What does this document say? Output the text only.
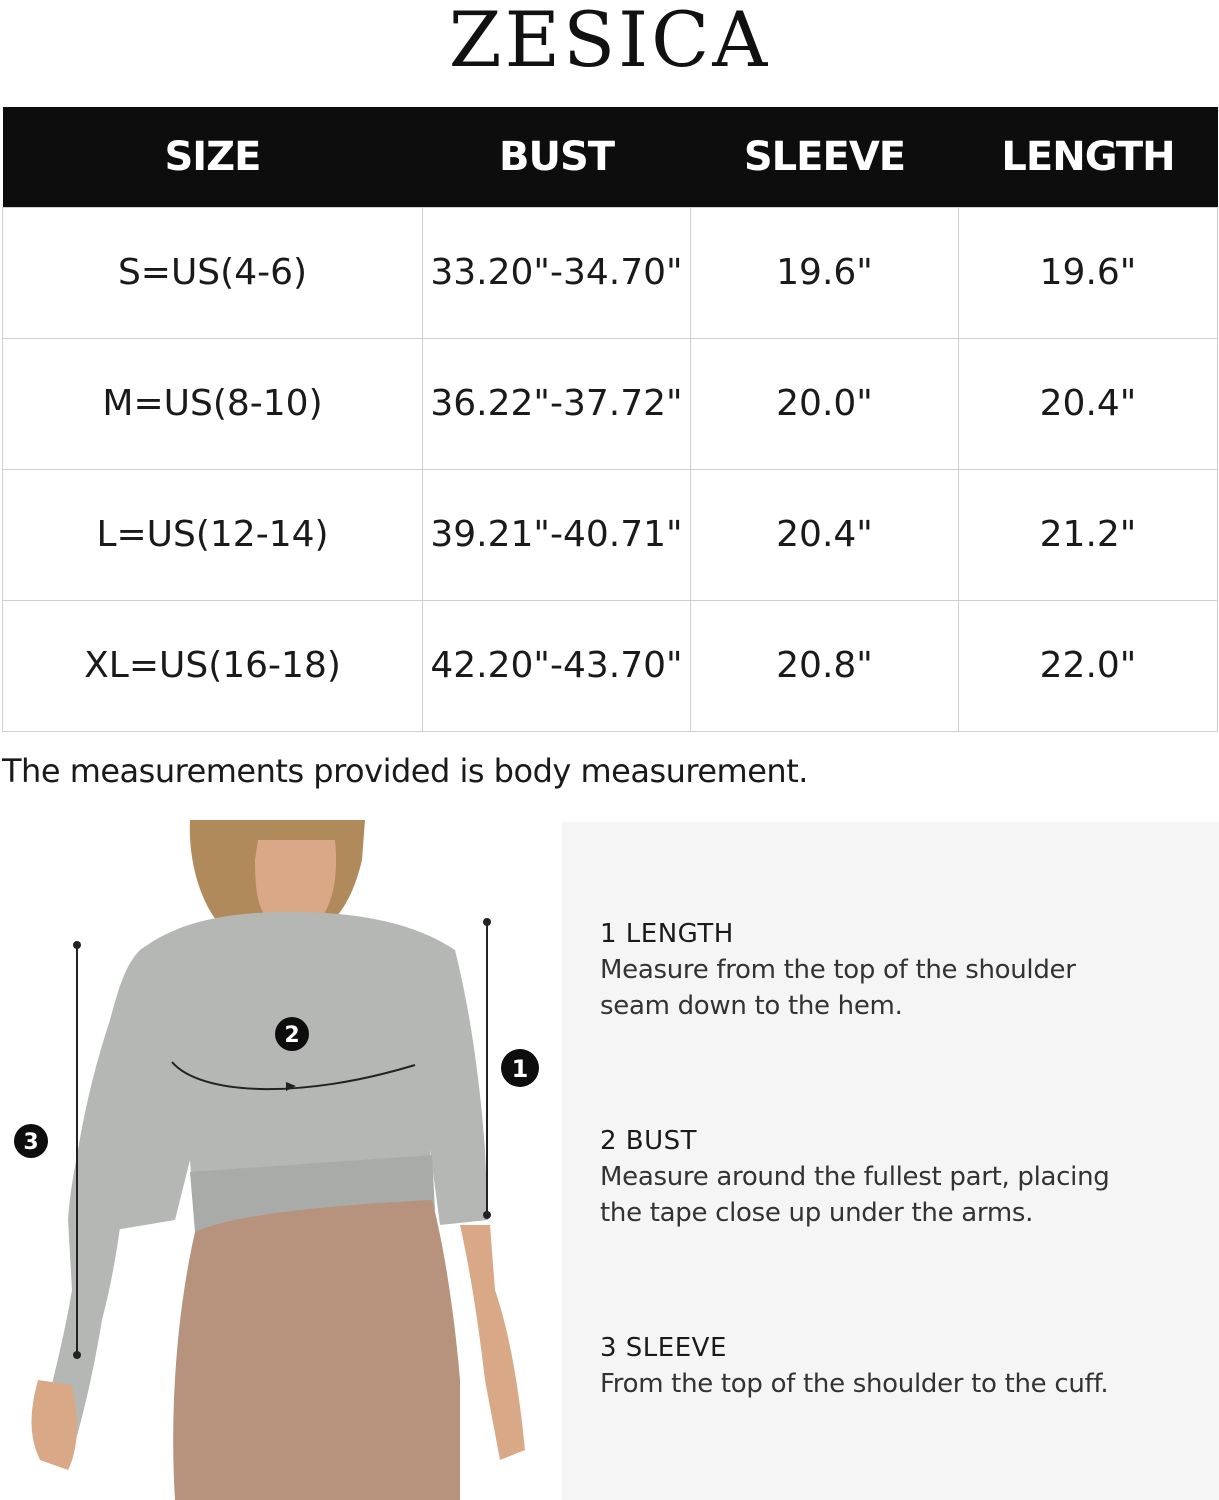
ZESICA
SIZE	BUST	SLEEVE	LENGTH
S=US(4-6)	33.20"-34.70"	19.6"	19.6"
M=US(8-10)	36.22"-37.72"	20.0"	20.4"
L=US(12-14)	39.21"-40.71"	20.4"	21.2"
XL=US(16-18)	42.20"-43.70"	20.8"	22.0"
The measurements provided is body measurement.
1
2
3
1 LENGTH
Measure from the top of the shoulder
seam down to the hem.
2 BUST
Measure around the fullest part, placing
the tape close up under the arms.
3 SLEEVE
From the top of the shoulder to the cuff.
